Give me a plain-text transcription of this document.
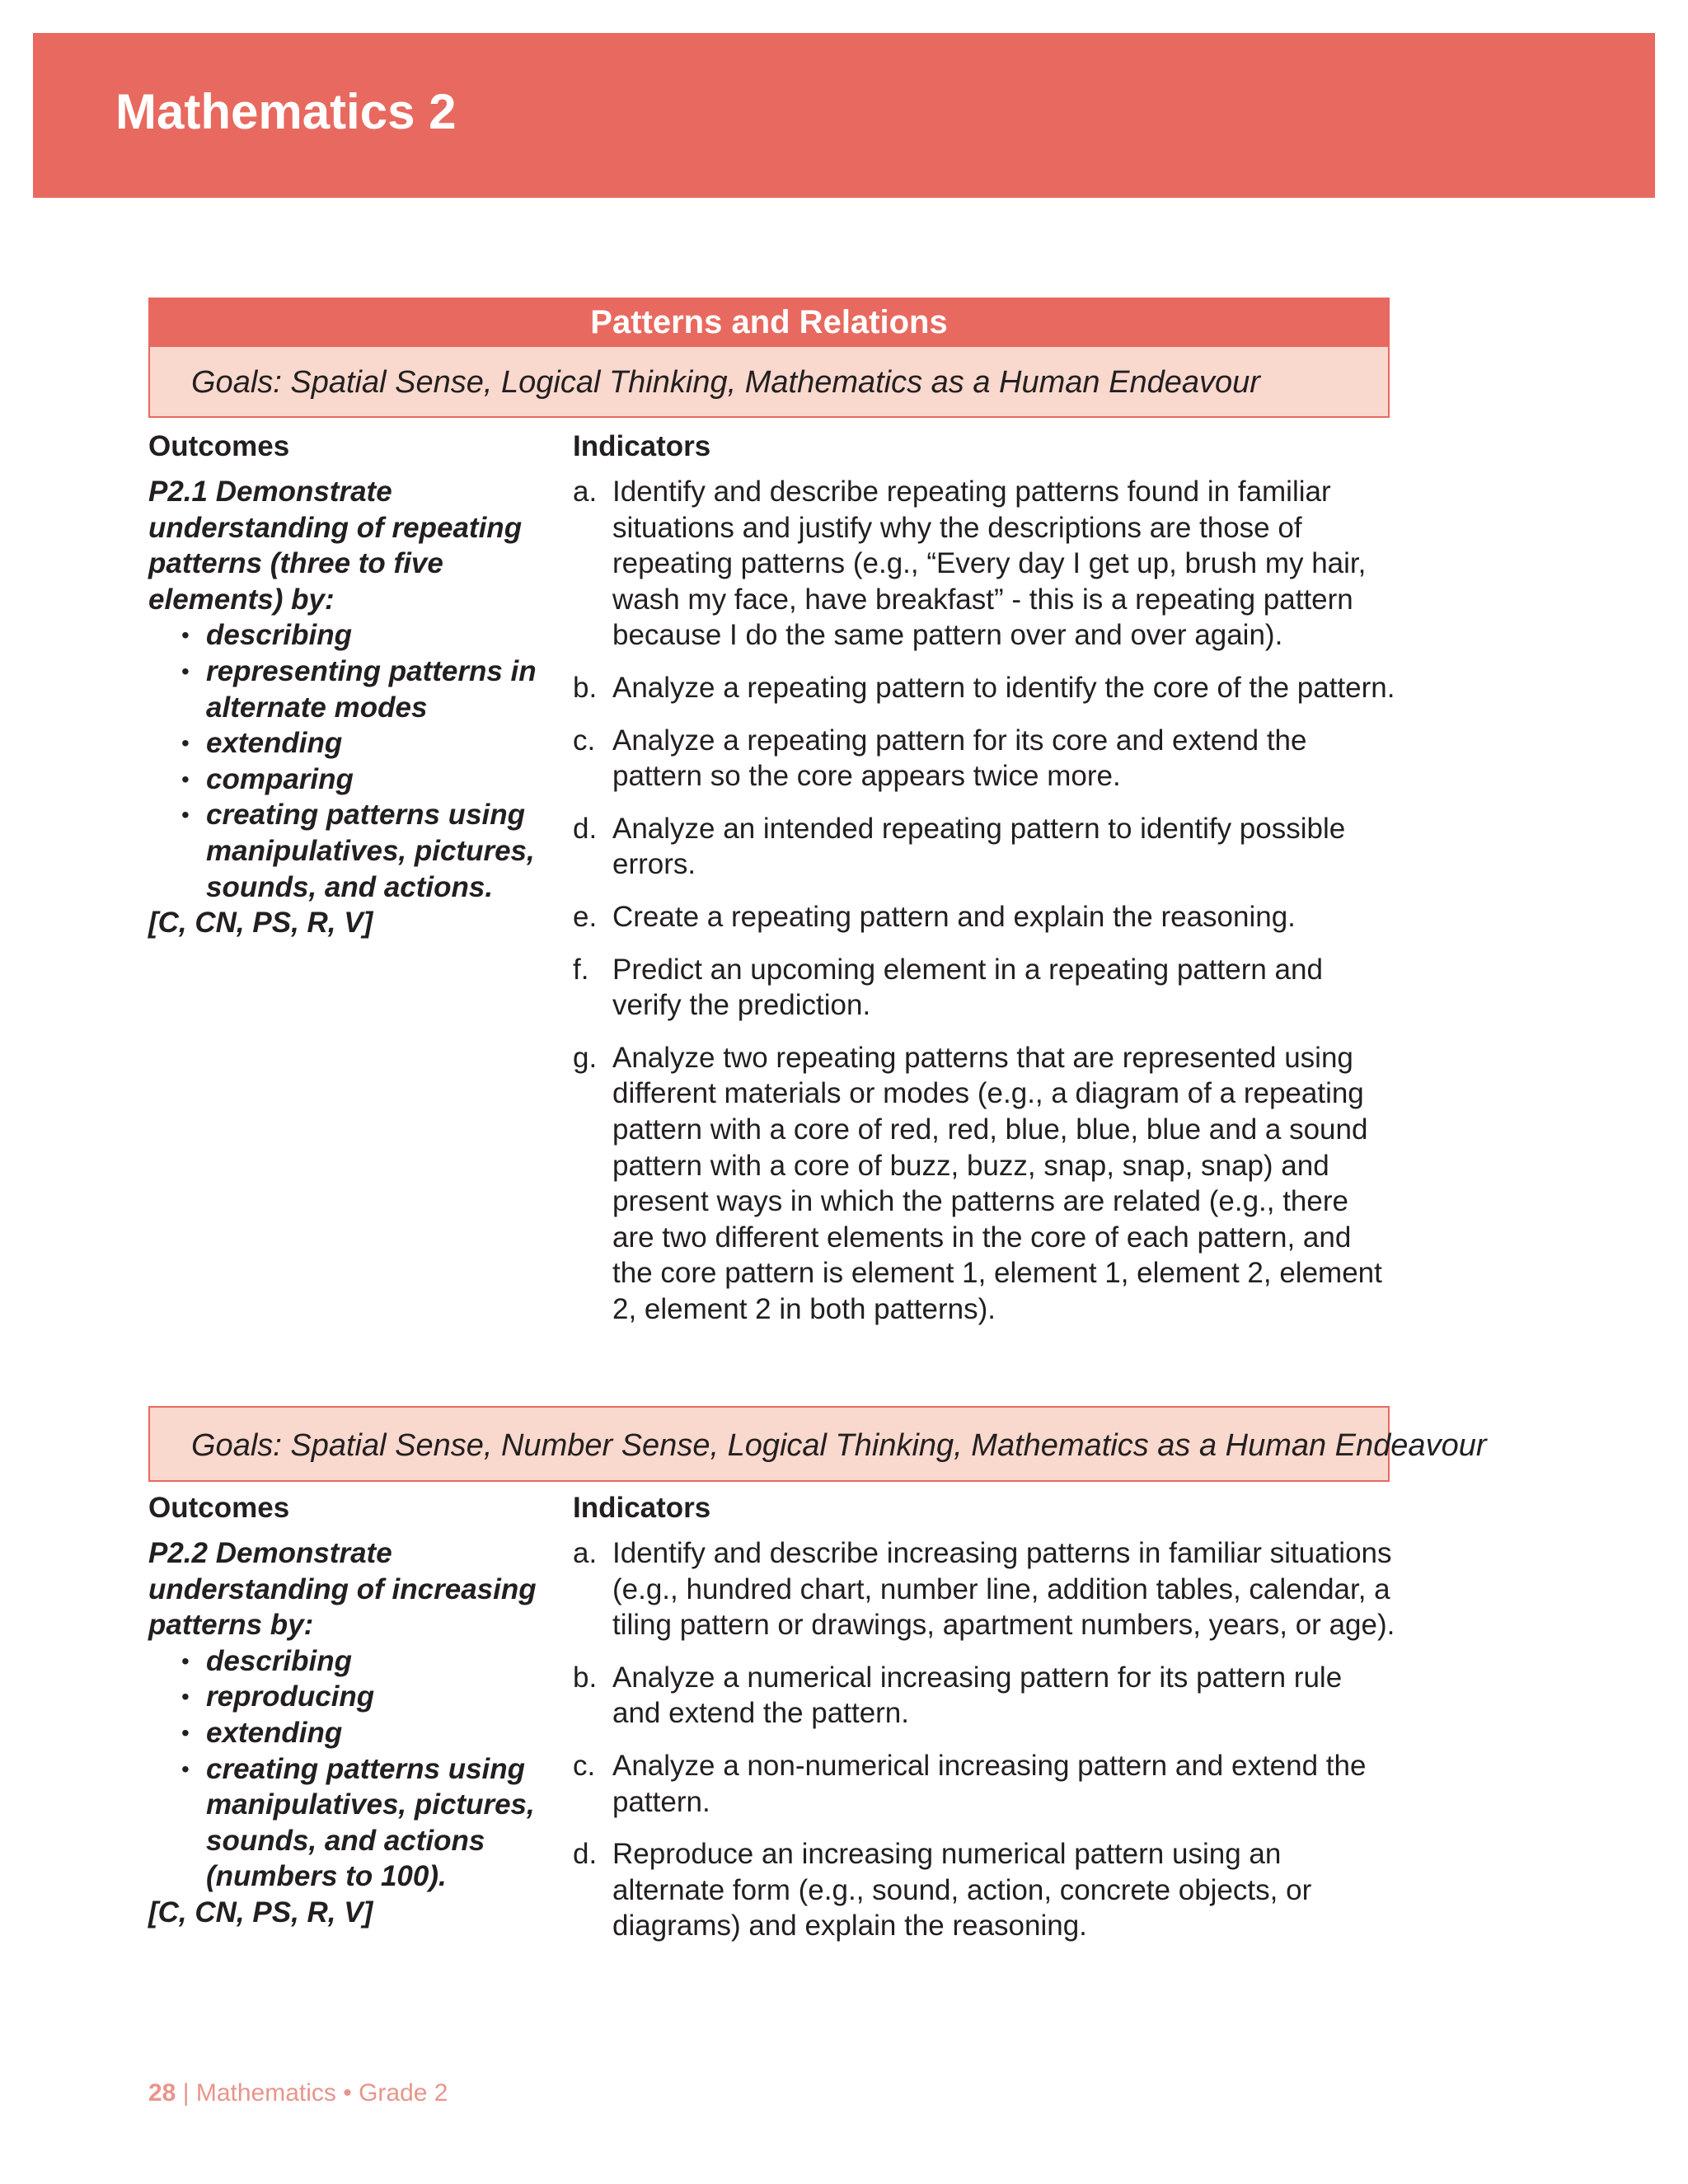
Mathematics 2
Patterns and Relations
Goals: Spatial Sense, Logical Thinking, Mathematics as a Human Endeavour
Outcomes	Indicators
P2.1 Demonstrate understanding of repeating patterns (three to five elements) by:
• describing
• representing patterns in alternate modes
• extending
• comparing
• creating patterns using manipulatives, pictures, sounds, and actions.
[C, CN, PS, R, V]
a. Identify and describe repeating patterns found in familiar situations and justify why the descriptions are those of repeating patterns (e.g., “Every day I get up, brush my hair, wash my face, have breakfast” - this is a repeating pattern because I do the same pattern over and over again).
b. Analyze a repeating pattern to identify the core of the pattern.
c. Analyze a repeating pattern for its core and extend the pattern so the core appears twice more.
d. Analyze an intended repeating pattern to identify possible errors.
e. Create a repeating pattern and explain the reasoning.
f. Predict an upcoming element in a repeating pattern and verify the prediction.
g. Analyze two repeating patterns that are represented using different materials or modes (e.g., a diagram of a repeating pattern with a core of red, red, blue, blue, blue and a sound pattern with a core of buzz, buzz, snap, snap, snap) and present ways in which the patterns are related (e.g., there are two different elements in the core of each pattern, and the core pattern is element 1, element 1, element 2, element 2, element 2 in both patterns).
Goals: Spatial Sense, Number Sense, Logical Thinking, Mathematics as a Human Endeavour
Outcomes	Indicators
P2.2 Demonstrate understanding of increasing patterns by:
• describing
• reproducing
• extending
• creating patterns using manipulatives, pictures, sounds, and actions (numbers to 100).
[C, CN, PS, R, V]
a. Identify and describe increasing patterns in familiar situations (e.g., hundred chart, number line, addition tables, calendar, a tiling pattern or drawings, apartment numbers, years, or age).
b. Analyze a numerical increasing pattern for its pattern rule and extend the pattern.
c. Analyze a non-numerical increasing pattern and extend the pattern.
d. Reproduce an increasing numerical pattern using an alternate form (e.g., sound, action, concrete objects, or diagrams) and explain the reasoning.
28 | Mathematics • Grade 2
